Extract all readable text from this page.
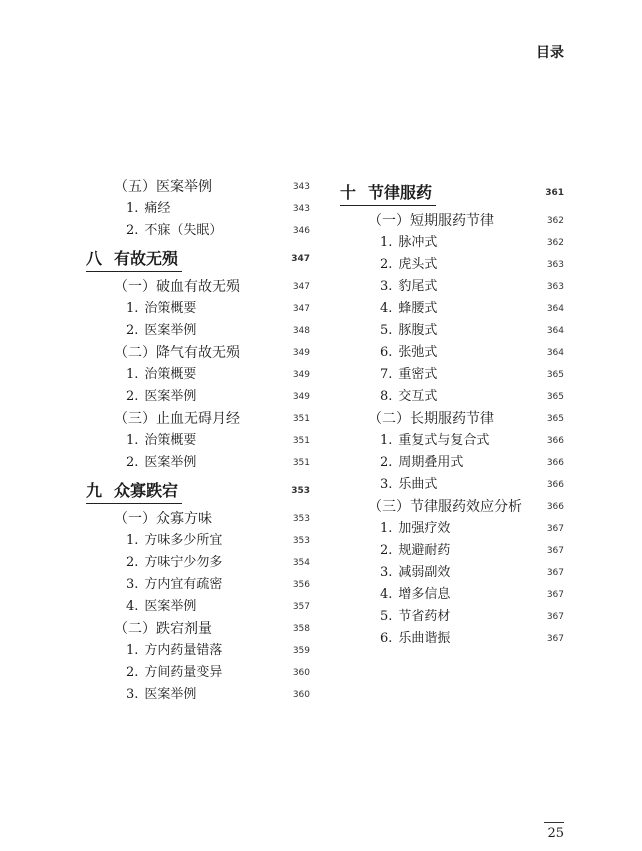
目录
（五）医案举例	343
1. 痛经	343
2. 不寐（失眠）	346
八 有故无殒	347
（一）破血有故无殒	347
1. 治策概要	347
2. 医案举例	348
（二）降气有故无殒	349
1. 治策概要	349
2. 医案举例	349
（三）止血无碍月经	351
1. 治策概要	351
2. 医案举例	351
九 众寡跌宕	353
（一）众寡方味	353
1. 方味多少所宜	353
2. 方味宁少勿多	354
3. 方内宜有疏密	356
4. 医案举例	357
（二）跌宕剂量	358
1. 方内药量错落	359
2. 方间药量变异	360
3. 医案举例	360
十 节律服药	361
（一）短期服药节律	362
1. 脉冲式	362
2. 虎头式	363
3. 豹尾式	363
4. 蜂腰式	364
5. 豚腹式	364
6. 张弛式	364
7. 重密式	365
8. 交互式	365
（二）长期服药节律	365
1. 重复式与复合式	366
2. 周期叠用式	366
3. 乐曲式	366
（三）节律服药效应分析	366
1. 加强疗效	367
2. 规避耐药	367
3. 减弱副效	367
4. 增多信息	367
5. 节省药材	367
6. 乐曲谐振	367
25
